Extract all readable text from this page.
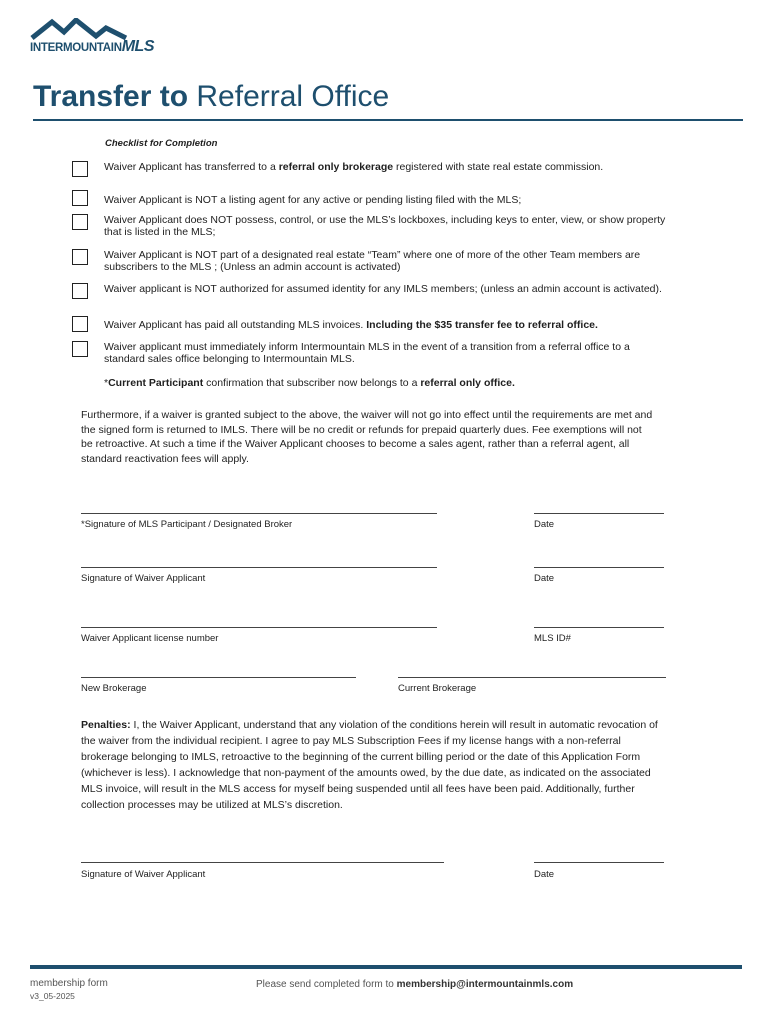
INTERMOUNTAINMLS
Transfer to Referral Office
Checklist for Completion
Waiver Applicant has transferred to a referral only brokerage registered with state real estate commission.
Waiver Applicant is NOT a listing agent for any active or pending listing filed with the MLS;
Waiver Applicant does NOT possess, control, or use the MLS’s lockboxes, including keys to enter, view, or show property that is listed in the MLS;
Waiver Applicant is NOT part of a designated real estate “Team” where one of more of the other Team members are subscribers to the MLS ; (Unless an admin account is activated)
Waiver applicant is NOT authorized for assumed identity for any IMLS members; (unless an admin account is activated).
Waiver Applicant has paid all outstanding MLS invoices. Including the $35 transfer fee to referral office.
Waiver applicant must immediately inform Intermountain MLS in the event of a transition from a referral office to a standard sales office belonging to Intermountain MLS.
*Current Participant confirmation that subscriber now belongs to a referral only office.
Furthermore, if a waiver is granted subject to the above, the waiver will not go into effect until the requirements are met and the signed form is returned to IMLS. There will be no credit or refunds for prepaid quarterly dues. Fee exemptions will not be retroactive. At such a time if the Waiver Applicant chooses to become a sales agent, rather than a referral agent, all standard reactivation fees will apply.
*Signature of MLS Participant / Designated Broker	Date
Signature of Waiver Applicant	Date
Waiver Applicant license number	MLS ID#
New Brokerage	Current Brokerage
Penalties: I, the Waiver Applicant, understand that any violation of the conditions herein will result in automatic revocation of the waiver from the individual recipient. I agree to pay MLS Subscription Fees if my license hangs with a non-referral brokerage belonging to IMLS, retroactive to the beginning of the current billing period or the date of this Application Form (whichever is less). I acknowledge that non-payment of the amounts owed, by the due date, as indicated on the associated MLS invoice, will result in the MLS access for myself being suspended until all fees have been paid. Additionally, further collection processes may be utilized at MLS’s discretion.
Signature of Waiver Applicant	Date
membership form
v3_05-2025
Please send completed form to membership@intermountainmls.com
